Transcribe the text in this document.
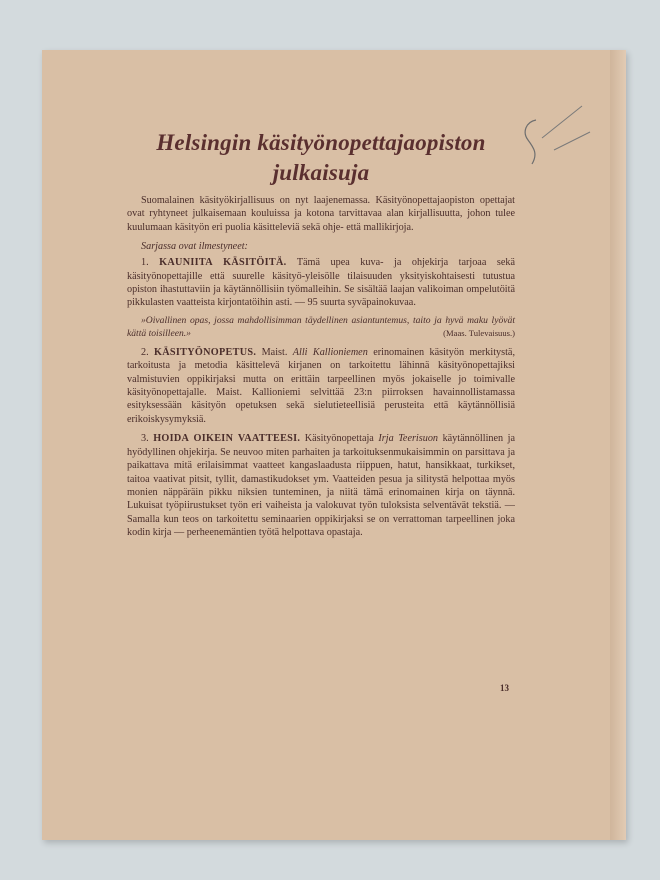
Helsingin käsityönopettajaopiston julkaisuja

Suomalainen käsityökirjallisuus on nyt laajenemassa. Käsityönopettajaopiston opettajat ovat ryhtyneet julkaisemaan kouluissa ja kotona tarvittavaa alan kirjallisuutta, johon tulee kuulumaan käsityön eri puolia käsitteleviä sekä ohje- että mallikirjoja.

Sarjassa ovat ilmestyneet:

1. KAUNIITA KÄSITÖITÄ. Tämä upea kuva- ja ohjekirja tarjoaa sekä käsityönopettajille että suurelle käsityö-yleisölle tilaisuuden yksityiskohtaisesti tutustua opiston ihastuttaviin ja käytännöllisiin työmalleihin. Se sisältää laajan valikoiman ompelutöitä pikkulasten vaatteista kirjontatöihin asti. — 95 suurta syväpainokuvaa.

»Oivallinen opas, jossa mahdollisimman täydellinen asiantuntemus, taito ja hyvä maku lyövät kättä toisilleen.»	(Maas. Tulevaisuus.)

2. KÄSITYÖNOPETUS. Maist. Alli Kallioniemen erinomainen käsityön merkitystä, tarkoitusta ja metodia käsittelevä kirjanen on tarkoitettu lähinnä käsityönopettajiksi valmistuvien oppikirjaksi mutta on erittäin tarpeellinen myös jokaiselle jo toimivalle käsityönopettajalle. Maist. Kallioniemi selvittää 23:n piirroksen havainnollistamassa esityksessään käsityön opetuksen sekä sielutieteellisiä perusteita että käytännöllisiä erikoiskysymyksiä.

3. HOIDA OIKEIN VAATTEESI. Käsityönopettaja Irja Teerisuon käytännöllinen ja hyödyllinen ohjekirja. Se neuvoo miten parhaiten ja tarkoituksenmukaisimmin on parsittava ja paikattava mitä erilaisimmat vaatteet kangaslaadusta riippuen, hatut, hansikkaat, turkikset, taitoa vaativat pitsit, tyllit, damastikudokset ym. Vaatteiden pesua ja silitystä helpottaa myös monien näppäräin pikku niksien tunteminen, ja niitä tämä erinomainen kirja on täynnä. Lukuisat työpiirustukset työn eri vaiheista ja valokuvat työn tuloksista selventävät tekstiä. — Samalla kun teos on tarkoitettu seminaarien oppikirjaksi se on verrattoman tarpeellinen joka kodin kirja — perheenemäntien työtä helpottava opastaja.

13
